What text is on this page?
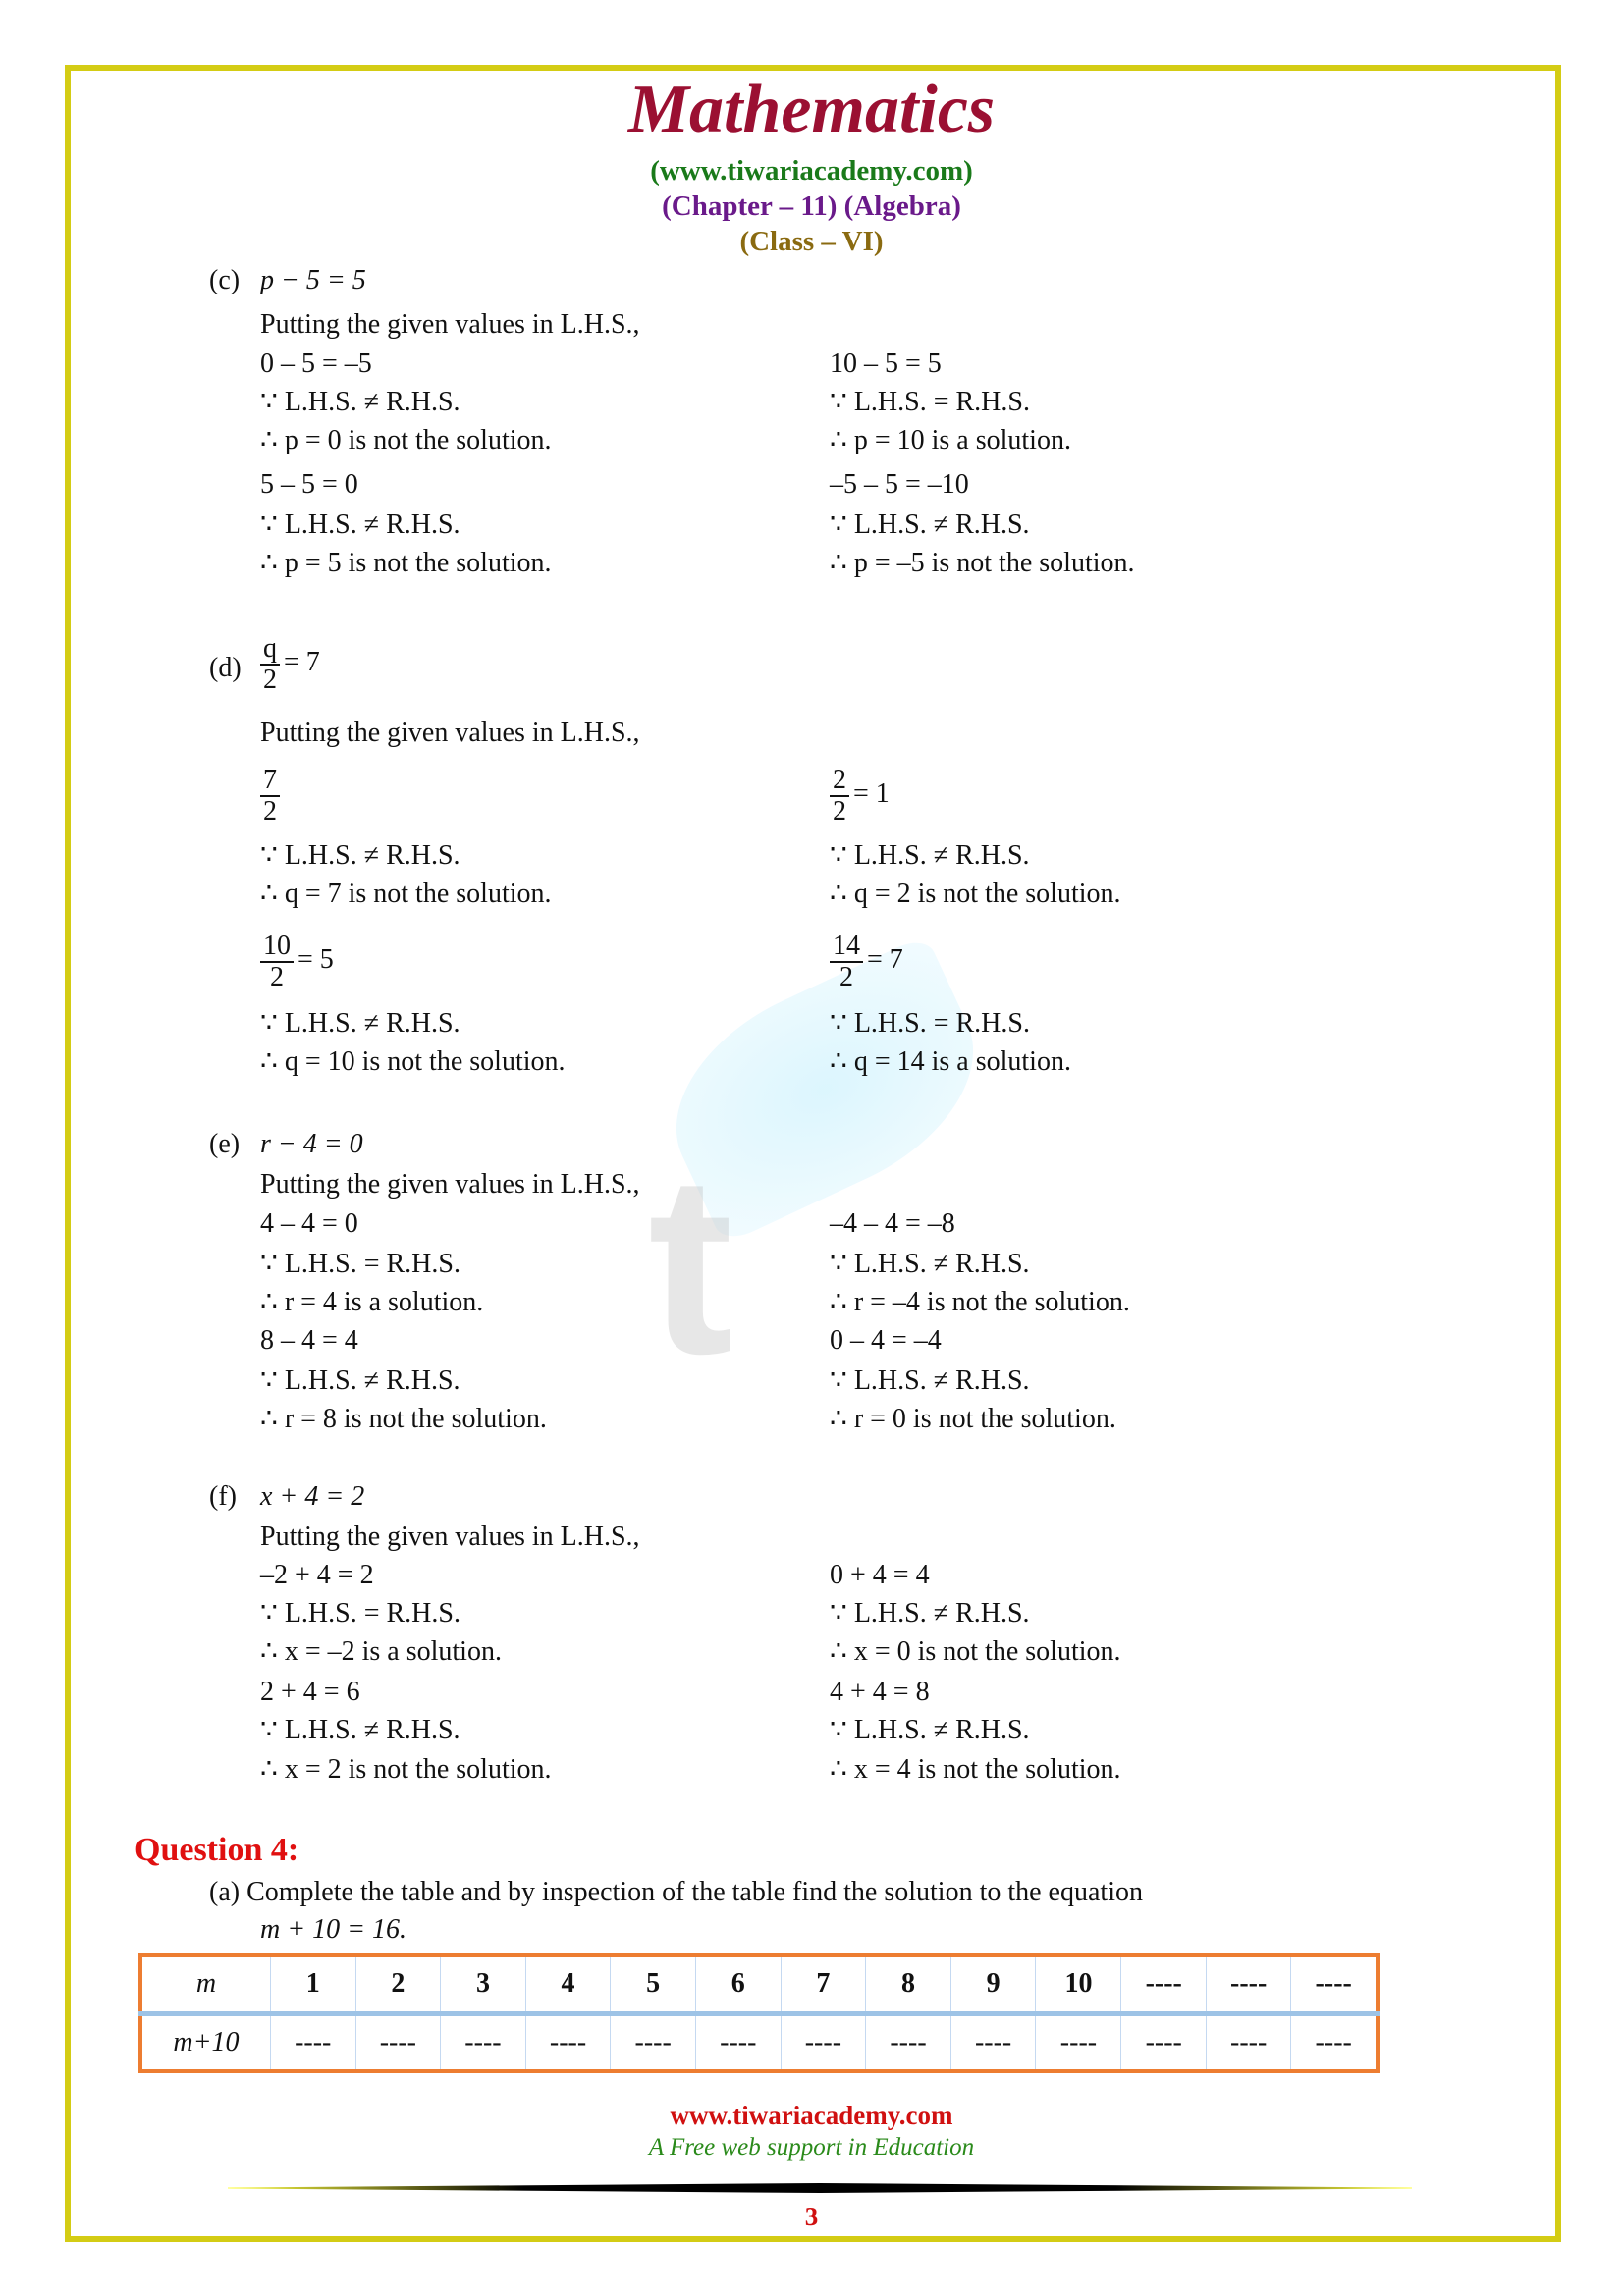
t
Mathematics
(www.tiwariacademy.com)
(Chapter – 11) (Algebra)
(Class – VI)
(c) p − 5 = 5
Putting the given values in L.H.S.,
0 – 5 = –5
∵ L.H.S. ≠ R.H.S.
∴ p = 0 is not the solution.
5 – 5 = 0
∵ L.H.S. ≠ R.H.S.
∴ p = 5 is not the solution.
10 – 5 = 5
∵ L.H.S. = R.H.S.
∴ p = 10 is a solution.
–5 – 5 = –10
∵ L.H.S. ≠ R.H.S.
∴ p = –5 is not the solution.
$(d) \frac{q}{2} = 7$
Putting the given values in L.H.S.,
$\frac{7}{2}$
∵ L.H.S. ≠ R.H.S.
∴ q = 7 is not the solution.
$\frac{10}{2} = 5$
∵ L.H.S. ≠ R.H.S.
∴ q = 10 is not the solution.
$\frac{2}{2} = 1$
∵ L.H.S. ≠ R.H.S.
∴ q = 2 is not the solution.
$\frac{14}{2} = 7$
∵ L.H.S. = R.H.S.
∴ q = 14 is a solution.
(e) r − 4 = 0
Putting the given values in L.H.S.,
4 – 4 = 0
∵ L.H.S. = R.H.S.
∴ r = 4 is a solution.
8 – 4 = 4
∵ L.H.S. ≠ R.H.S.
∴ r = 8 is not the solution.
–4 – 4 = –8
∵ L.H.S. ≠ R.H.S.
∴ r = –4 is not the solution.
0 – 4 = –4
∵ L.H.S. ≠ R.H.S.
∴ r = 0 is not the solution.
(f) x + 4 = 2
Putting the given values in L.H.S.,
–2 + 4 = 2
∵ L.H.S. = R.H.S.
∴ x = –2 is a solution.
2 + 4 = 6
∵ L.H.S. ≠ R.H.S.
∴ x = 2 is not the solution.
0 + 4 = 4
∵ L.H.S. ≠ R.H.S.
∴ x = 0 is not the solution.
4 + 4 = 8
∵ L.H.S. ≠ R.H.S.
∴ x = 4 is not the solution.
Question 4:
(a) Complete the table and by inspection of the table find the solution to the equation
m + 10 = 16.
m	1	2	3	4	5	6	7	8	9	10	----	----	----
m+10	----	----	----	----	----	----	----	----	----	----	----	----	----
www.tiwariacademy.com
A Free web support in Education
3
